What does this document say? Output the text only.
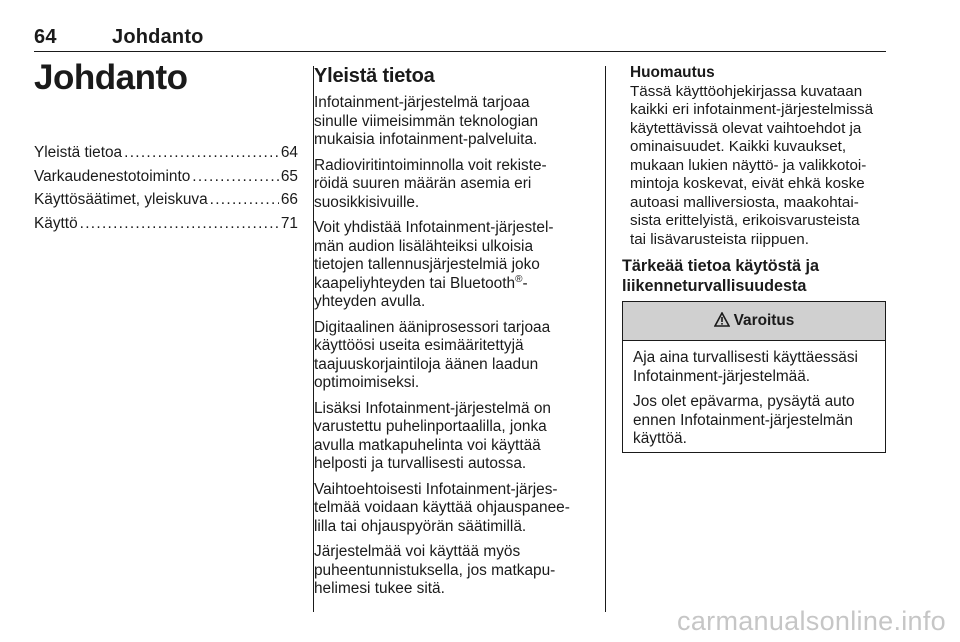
64	Johdanto
Johdanto
Yleistä tietoa .....	64
Varkaudenestotoiminto .....	65
Käyttösäätimet, yleiskuva .....	66
Käyttö .....	71
Yleistä tietoa
Infotainment-järjestelmä tarjoaa
sinulle viimeisimmän teknologian
mukaisia infotainment-palveluita.
Radioviritintoiminnolla voit rekiste-
röidä suuren määrän asemia eri
suosikkisivuille.
Voit yhdistää Infotainment-järjestel-
män audion lisälähteiksi ulkoisia
tietojen tallennusjärjestelmiä joko
kaapeliyhteyden tai Bluetooth®-
yhteyden avulla.
Digitaalinen ääniprosessori tarjoaa
käyttöösi useita esimääritettyjä
taajuuskorjaintiloja äänen laadun
optimoimiseksi.
Lisäksi Infotainment-järjestelmä on
varustettu puhelinportaalilla, jonka
avulla matkapuhelinta voi käyttää
helposti ja turvallisesti autossa.
Vaihtoehtoisesti Infotainment-järjes-
telmää voidaan käyttää ohjauspanee-
lilla tai ohjauspyörän säätimillä.
Järjestelmää voi käyttää myös
puheentunnistuksella, jos matkapu-
helimesi tukee sitä.
Huomautus
Tässä käyttöohjekirjassa kuvataan
kaikki eri infotainment-järjestelmissä
käytettävissä olevat vaihtoehdot ja
ominaisuudet. Kaikki kuvaukset,
mukaan lukien näyttö- ja valikkotoi-
mintoja koskevat, eivät ehkä koske
autoasi malliversiosta, maakohtai-
sista erittelyistä, erikoisvarusteista
tai lisävarusteista riippuen.
Tärkeää tietoa käytöstä ja
liikenneturvallisuudesta
Varoitus
Aja aina turvallisesti käyttäessäsi
Infotainment-järjestelmää.
Jos olet epävarma, pysäytä auto
ennen Infotainment-järjestelmän
käyttöä.
carmanualsonline.info
